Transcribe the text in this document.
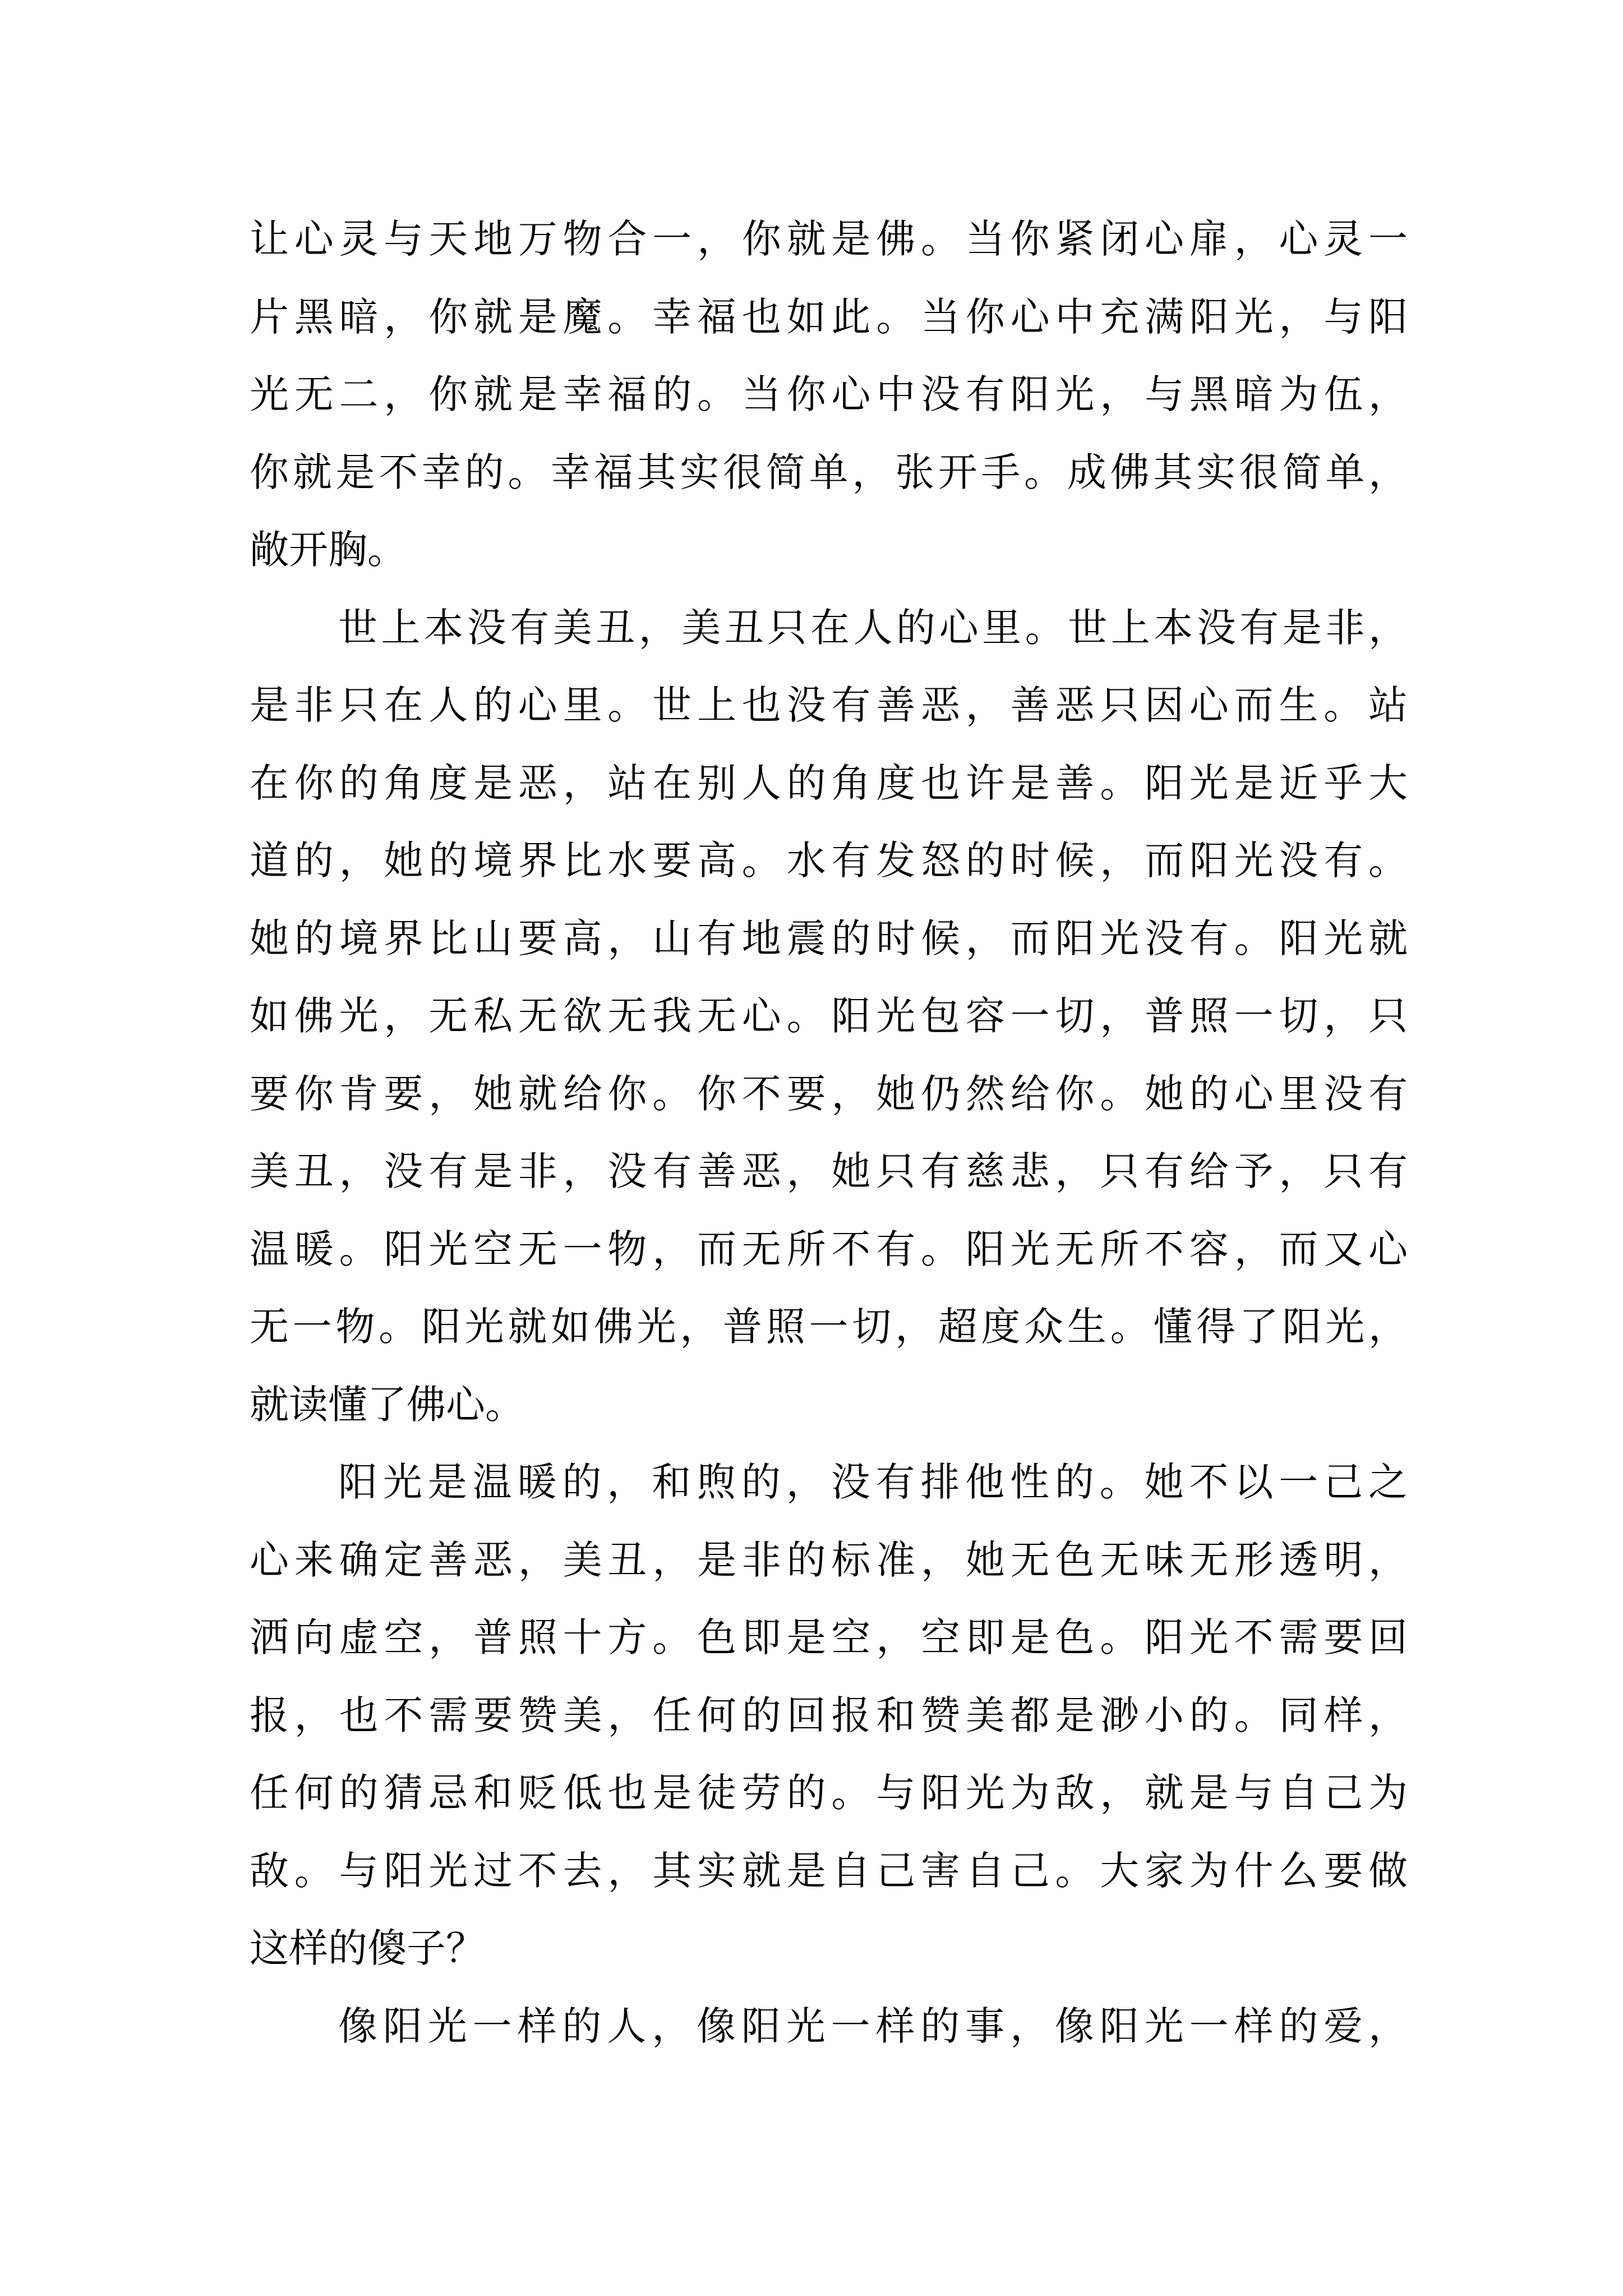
让心灵与天地万物合一，你就是佛。当你紧闭心扉，心灵一
片黑暗，你就是魔。幸福也如此。当你心中充满阳光，与阳
光无二，你就是幸福的。当你心中没有阳光，与黑暗为伍，
你就是不幸的。幸福其实很简单，张开手。成佛其实很简单，
敞开胸。
世上本没有美丑，美丑只在人的心里。世上本没有是非，
是非只在人的心里。世上也没有善恶，善恶只因心而生。站
在你的角度是恶，站在别人的角度也许是善。阳光是近乎大
道的，她的境界比水要高。水有发怒的时候，而阳光没有。
她的境界比山要高，山有地震的时候，而阳光没有。阳光就
如佛光，无私无欲无我无心。阳光包容一切，普照一切，只
要你肯要，她就给你。你不要，她仍然给你。她的心里没有
美丑，没有是非，没有善恶，她只有慈悲，只有给予，只有
温暖。阳光空无一物，而无所不有。阳光无所不容，而又心
无一物。阳光就如佛光，普照一切，超度众生。懂得了阳光，
就读懂了佛心。
阳光是温暖的，和煦的，没有排他性的。她不以一己之
心来确定善恶，美丑，是非的标准，她无色无味无形透明，
洒向虚空，普照十方。色即是空，空即是色。阳光不需要回
报，也不需要赞美，任何的回报和赞美都是渺小的。同样，
任何的猜忌和贬低也是徒劳的。与阳光为敌，就是与自己为
敌。与阳光过不去，其实就是自己害自己。大家为什么要做
这样的傻子？
像阳光一样的人，像阳光一样的事，像阳光一样的爱，
